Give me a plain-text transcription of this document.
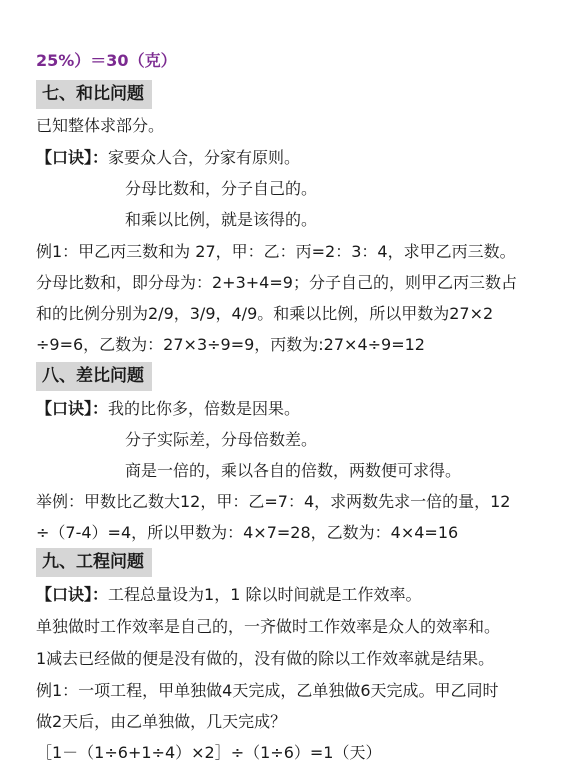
25%）＝30（克）
七、和比问题
已知整体求部分。
【口诀】：家要众人合，分家有原则。
分母比数和，分子自己的。
和乘以比例，就是该得的。
例1：甲乙丙三数和为 27，甲：乙：丙=2：3：4，求甲乙丙三数。
分母比数和，即分母为：2+3+4=9；分子自己的，则甲乙丙三数占
和的比例分别为2/9，3/9，4/9。和乘以比例，所以甲数为27×2
÷9=6，乙数为：27×3÷9=9，丙数为:27×4÷9=12
八、差比问题
【口诀】：我的比你多，倍数是因果。
分子实际差，分母倍数差。
商是一倍的，乘以各自的倍数，两数便可求得。
举例：甲数比乙数大12，甲：乙=7：4，求两数先求一倍的量，12
÷（7-4）=4，所以甲数为：4×7=28，乙数为：4×4=16
九、工程问题
【口诀】：工程总量设为1，1 除以时间就是工作效率。
单独做时工作效率是自己的，一齐做时工作效率是众人的效率和。
1减去已经做的便是没有做的，没有做的除以工作效率就是结果。
例1：一项工程，甲单独做4天完成，乙单独做6天完成。甲乙同时
做2天后，由乙单独做，几天完成？
［1－（1÷6+1÷4）×2］÷（1÷6）=1（天）
